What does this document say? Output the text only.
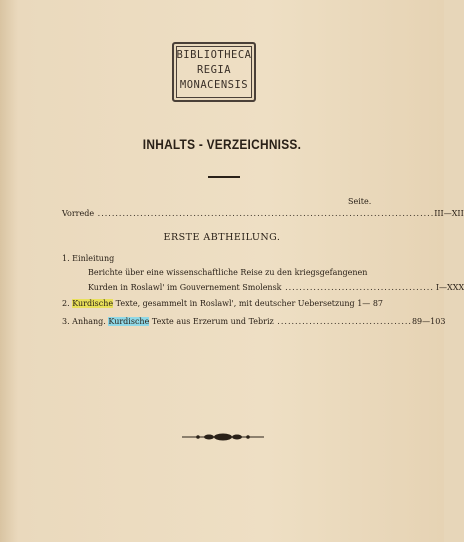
BIBLIOTHECA
REGIA
MONACENSIS
INHALTS - VERZEICHNISS.
Seite.
Vorrede ............................................................................................... III—XII
ERSTE ABTHEILUNG.
1. Einleitung
Berichte über eine wissenschaftliche Reise zu den kriegsgefangenen
Kurden in Roslawl' im Gouvernement Smolensk .......................................... I—XXX
2.
Kurdische
Texte, gesammelt in Roslawl', mit deutscher Uebersetzung
1— 87
3. Anhang.
Kurdische
Texte aus Erzerum und Tebriz ...................................... 89—103
